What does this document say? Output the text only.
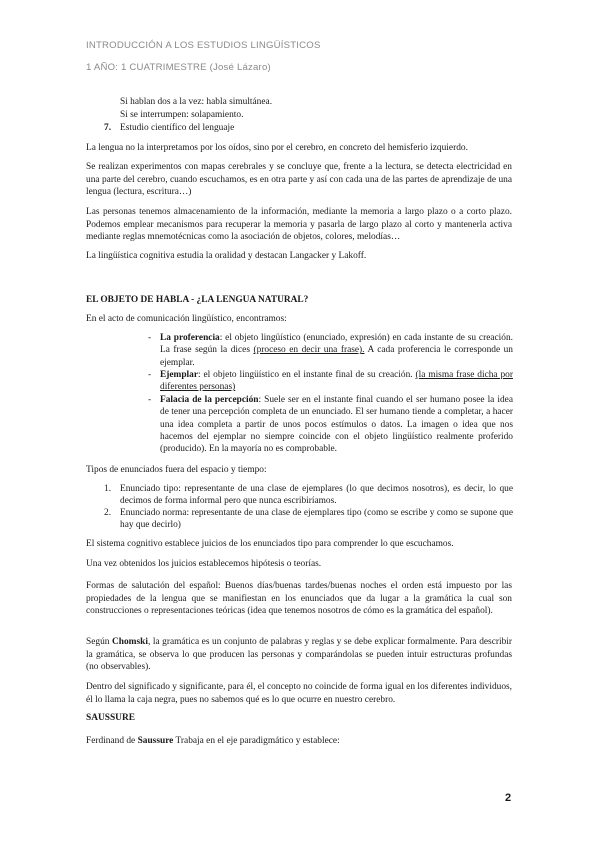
INTRODUCCIÓN A LOS ESTUDIOS LINGÜÍSTICOS
1 AÑO: 1 CUATRIMESTRE (José Lázaro)
Si hablan dos a la vez: habla simultánea.
Si se interrumpen: solapamiento.
7. Estudio científico del lenguaje
La lengua no la interpretamos por los oídos, sino por el cerebro, en concreto del hemisferio izquierdo.
Se realizan experimentos con mapas cerebrales y se concluye que, frente a la lectura, se detecta electricidad en una parte del cerebro, cuando escuchamos, es en otra parte y así con cada una de las partes de aprendizaje de una lengua (lectura, escritura…)
Las personas tenemos almacenamiento de la información, mediante la memoria a largo plazo o a corto plazo. Podemos emplear mecanismos para recuperar la memoria y pasarla de largo plazo al corto y mantenerla activa mediante reglas mnemotécnicas como la asociación de objetos, colores, melodías…
La lingüística cognitiva estudia la oralidad y destacan Langacker y Lakoff.
EL OBJETO DE HABLA - ¿LA LENGUA NATURAL?
En el acto de comunicación lingüístico, encontramos:
- La proferencia: el objeto lingüístico (enunciado, expresión) en cada instante de su creación. La frase según la dices (proceso en decir una frase). A cada proferencia le corresponde un ejemplar.
- Ejemplar: el objeto lingüístico en el instante final de su creación. (la misma frase dicha por diferentes personas)
- Falacia de la percepción: Suele ser en el instante final cuando el ser humano posee la idea de tener una percepción completa de un enunciado. El ser humano tiende a completar, a hacer una idea completa a partir de unos pocos estímulos o datos. La imagen o idea que nos hacemos del ejemplar no siempre coincide con el objeto lingüístico realmente proferido (producido). En la mayoría no es comprobable.
Tipos de enunciados fuera del espacio y tiempo:
1. Enunciado tipo: representante de una clase de ejemplares (lo que decimos nosotros), es decir, lo que decimos de forma informal pero que nunca escribiríamos.
2. Enunciado norma: representante de una clase de ejemplares tipo (como se escribe y como se supone que hay que decirlo)
El sistema cognitivo establece juicios de los enunciados tipo para comprender lo que escuchamos.
Una vez obtenidos los juicios establecemos hipótesis o teorías.
Formas de salutación del español: Buenos días/buenas tardes/buenas noches el orden está impuesto por las propiedades de la lengua que se manifiestan en los enunciados que da lugar a la gramática la cual son construcciones o representaciones teóricas (idea que tenemos nosotros de cómo es la gramática del español).
Según Chomski, la gramática es un conjunto de palabras y reglas y se debe explicar formalmente. Para describir la gramática, se observa lo que producen las personas y comparándolas se pueden intuir estructuras profundas (no observables).
Dentro del significado y significante, para él, el concepto no coincide de forma igual en los diferentes individuos, él lo llama la caja negra, pues no sabemos qué es lo que ocurre en nuestro cerebro.
SAUSSURE
Ferdinand de Saussure Trabaja en el eje paradigmático y establece:
2
